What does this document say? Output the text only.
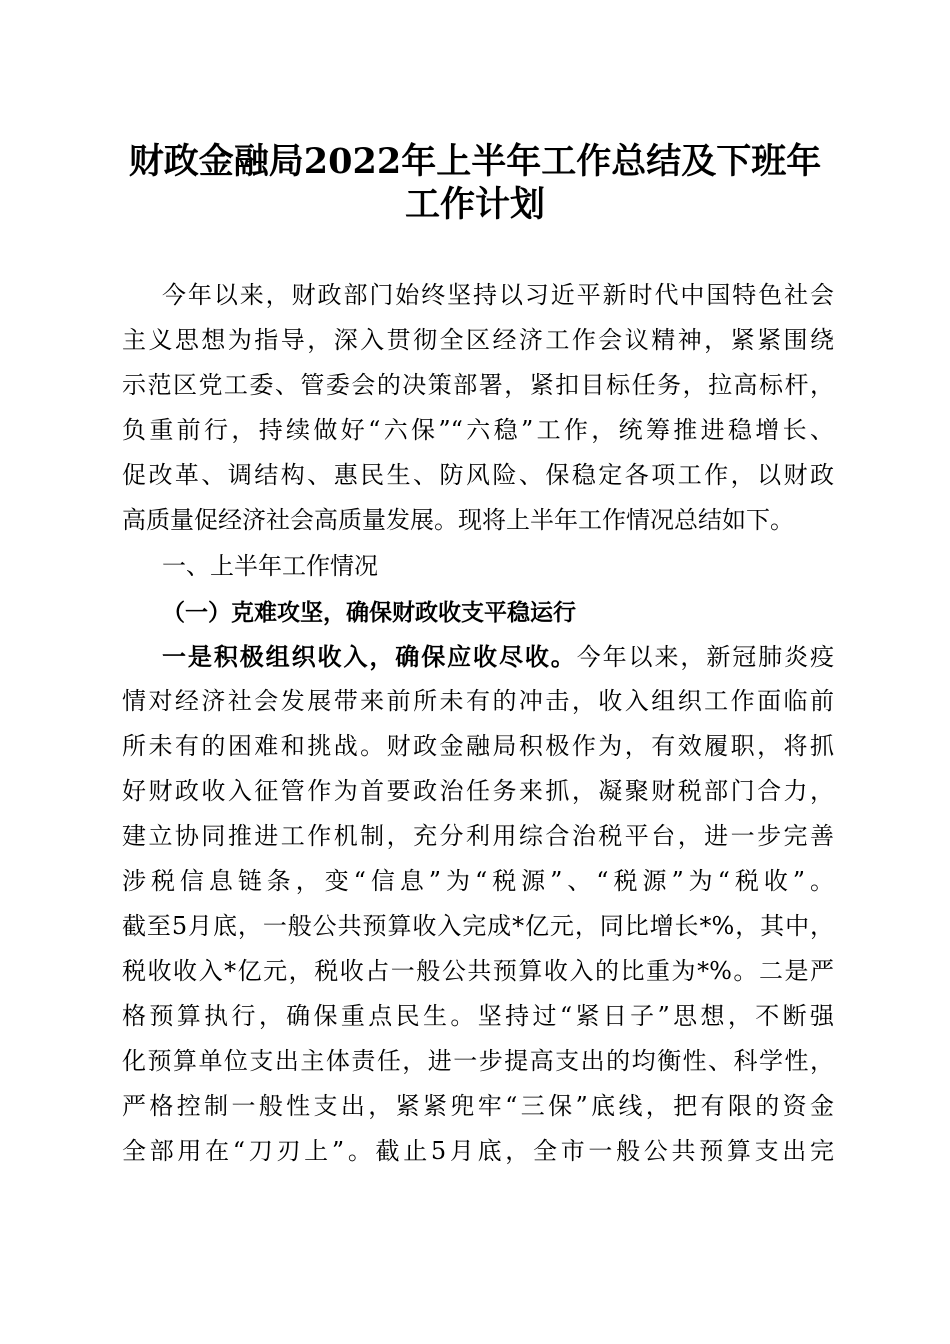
财政金融局2022年上半年工作总结及下班年
工作计划
今年以来，财政部门始终坚持以习近平新时代中国特色社会
主义思想为指导，深入贯彻全区经济工作会议精神，紧紧围绕
示范区党工委、管委会的决策部署，紧扣目标任务，拉高标杆，
负重前行，持续做好“六保”“六稳”工作，统筹推进稳增长、
促改革、调结构、惠民生、防风险、保稳定各项工作，以财政
高质量促经济社会高质量发展。现将上半年工作情况总结如下。
一、上半年工作情况
（一）克难攻坚，确保财政收支平稳运行
一是积极组织收入，确保应收尽收。今年以来，新冠肺炎疫
情对经济社会发展带来前所未有的冲击，收入组织工作面临前
所未有的困难和挑战。财政金融局积极作为，有效履职，将抓
好财政收入征管作为首要政治任务来抓，凝聚财税部门合力，
建立协同推进工作机制，充分利用综合治税平台，进一步完善
涉税信息链条，变“信息”为“税源”、“税源”为“税收”。
截至5月底，一般公共预算收入完成*亿元，同比增长*%，其中，
税收收入*亿元，税收占一般公共预算收入的比重为*%。二是严
格预算执行，确保重点民生。坚持过“紧日子”思想，不断强
化预算单位支出主体责任，进一步提高支出的均衡性、科学性，
严格控制一般性支出，紧紧兜牢“三保”底线，把有限的资金
全部用在“刀刃上”。截止5月底，全市一般公共预算支出完
